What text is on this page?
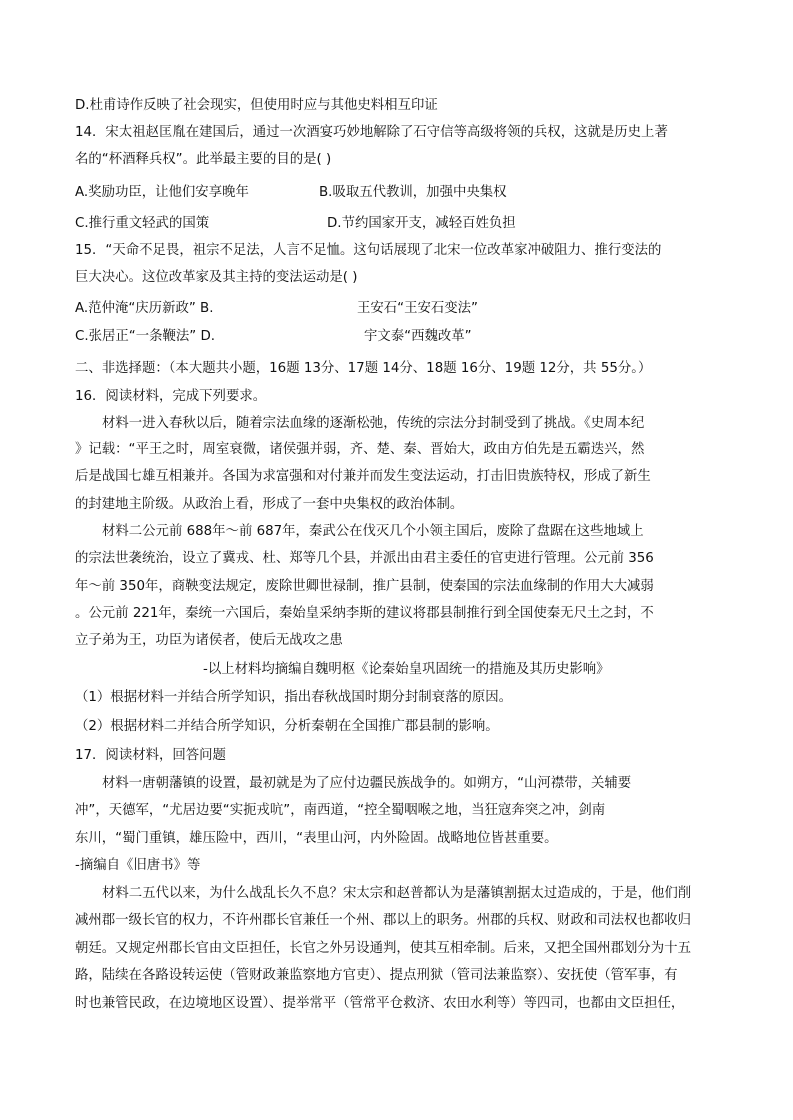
D.杜甫诗作反映了社会现实，但使用时应与其他史料相互印证
14．宋太祖赵匡胤在建国后，通过一次酒宴巧妙地解除了石守信等高级将领的兵权，这就是历史上著
名的“杯酒释兵权”。此举最主要的目的是( )
A.奖励功臣，让他们安享晚年	B.吸取五代教训，加强中央集权
C.推行重文轻武的国策	D.节约国家开支，减轻百姓负担
15．“天命不足畏，祖宗不足法，人言不足恤。这句话展现了北宋一位改革家冲破阻力、推行变法的
巨大决心。这位改革家及其主持的变法运动是( )
A.范仲淹“庆历新政” B.	王安石“王安石变法”
C.张居正“一条鞭法” D.	宇文泰“西魏改革”
二、非选择题：（本大题共小题，16题 13分、17题 14分、18题 16分、19题 12分，共 55分。）
16．阅读材料，完成下列要求。
材料一进入春秋以后，随着宗法血缘的逐渐松弛，传统的宗法分封制受到了挑战。《史周本纪
》记载：“平王之时，周室衰微，诸侯强并弱，齐、楚、秦、晋始大，政由方伯先是五霸迭兴，然
后是战国七雄互相兼并。各国为求富强和对付兼并而发生变法运动，打击旧贵族特权，形成了新生
的封建地主阶级。从政治上看，形成了一套中央集权的政治体制。
材料二公元前 688年～前 687年，秦武公在伐灭几个小领主国后，废除了盘踞在这些地域上
的宗法世袭统治，设立了冀戎、杜、郑等几个县，并派出由君主委任的官吏进行管理。公元前 356
年～前 350年，商鞅变法规定，废除世卿世禄制，推广县制，使秦国的宗法血缘制的作用大大减弱
。公元前 221年，秦统一六国后，秦始皇采纳李斯的建议将郡县制推行到全国使秦无尺土之封，不
立子弟为王，功臣为诸侯者，使后无战攻之患
-以上材料均摘编自魏明枢《论秦始皇巩固统一的措施及其历史影响》
（1）根据材料一并结合所学知识，指出春秋战国时期分封制衰落的原因。
（2）根据材料二并结合所学知识，分析秦朝在全国推广郡县制的影响。
17．阅读材料，回答问题
材料一唐朝藩镇的设置，最初就是为了应付边疆民族战争的。如朔方，“山河襟带，关辅要
冲”，天德军，“尤居边要“实扼戎吭”，南西道，“控全蜀咽喉之地，当狂寇奔突之冲，剑南
东川，“蜀门重镇，雄压险中，西川，“表里山河，内外险固。战略地位皆甚重要。
-摘编自《旧唐书》等
材料二五代以来，为什么战乱长久不息？宋太宗和赵普都认为是藩镇割据太过造成的，于是，他们削
减州郡一级长官的权力，不许州郡长官兼任一个州、郡以上的职务。州郡的兵权、财政和司法权也都收归
朝廷。又规定州郡长官由文臣担任，长官之外另设通判，使其互相牵制。后来，又把全国州郡划分为十五
路，陆续在各路设转运使（管财政兼监察地方官吏）、提点刑狱（管司法兼监察）、安抚使（管军事，有
时也兼管民政，在边境地区设置）、提举常平（管常平仓救济、农田水利等）等四司，也都由文臣担任，
